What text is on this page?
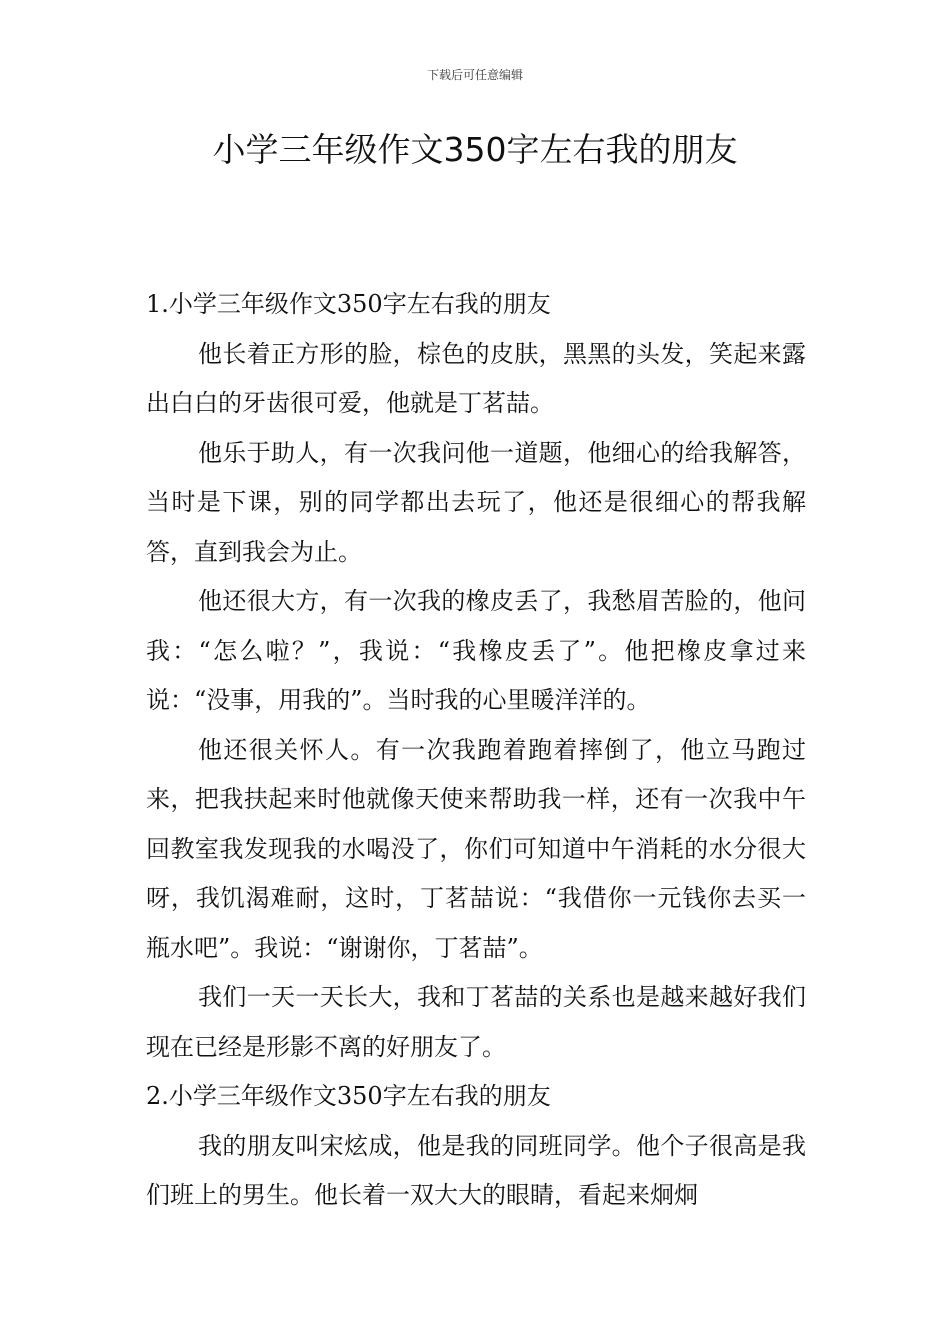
下载后可任意编辑
小学三年级作文350字左右我的朋友

1.小学三年级作文350字左右我的朋友

他长着正方形的脸，棕色的皮肤，黑黑的头发，笑起来露出白白的牙齿很可爱，他就是丁茗喆。

他乐于助人，有一次我问他一道题，他细心的给我解答，当时是下课，别的同学都出去玩了，他还是很细心的帮我解答，直到我会为止。

他还很大方，有一次我的橡皮丢了，我愁眉苦脸的，他问我：“怎么啦？”，我说：“我橡皮丢了”。他把橡皮拿过来说：“没事，用我的”。当时我的心里暖洋洋的。

他还很关怀人。有一次我跑着跑着摔倒了，他立马跑过来，把我扶起来时他就像天使来帮助我一样，还有一次我中午回教室我发现我的水喝没了，你们可知道中午消耗的水分很大呀，我饥渴难耐，这时，丁茗喆说：“我借你一元钱你去买一瓶水吧”。我说：“谢谢你，丁茗喆”。

我们一天一天长大，我和丁茗喆的关系也是越来越好我们现在已经是形影不离的好朋友了。

2.小学三年级作文350字左右我的朋友

我的朋友叫宋炫成，他是我的同班同学。他个子很高是我们班上的男生。他长着一双大大的眼睛，看起来炯炯
